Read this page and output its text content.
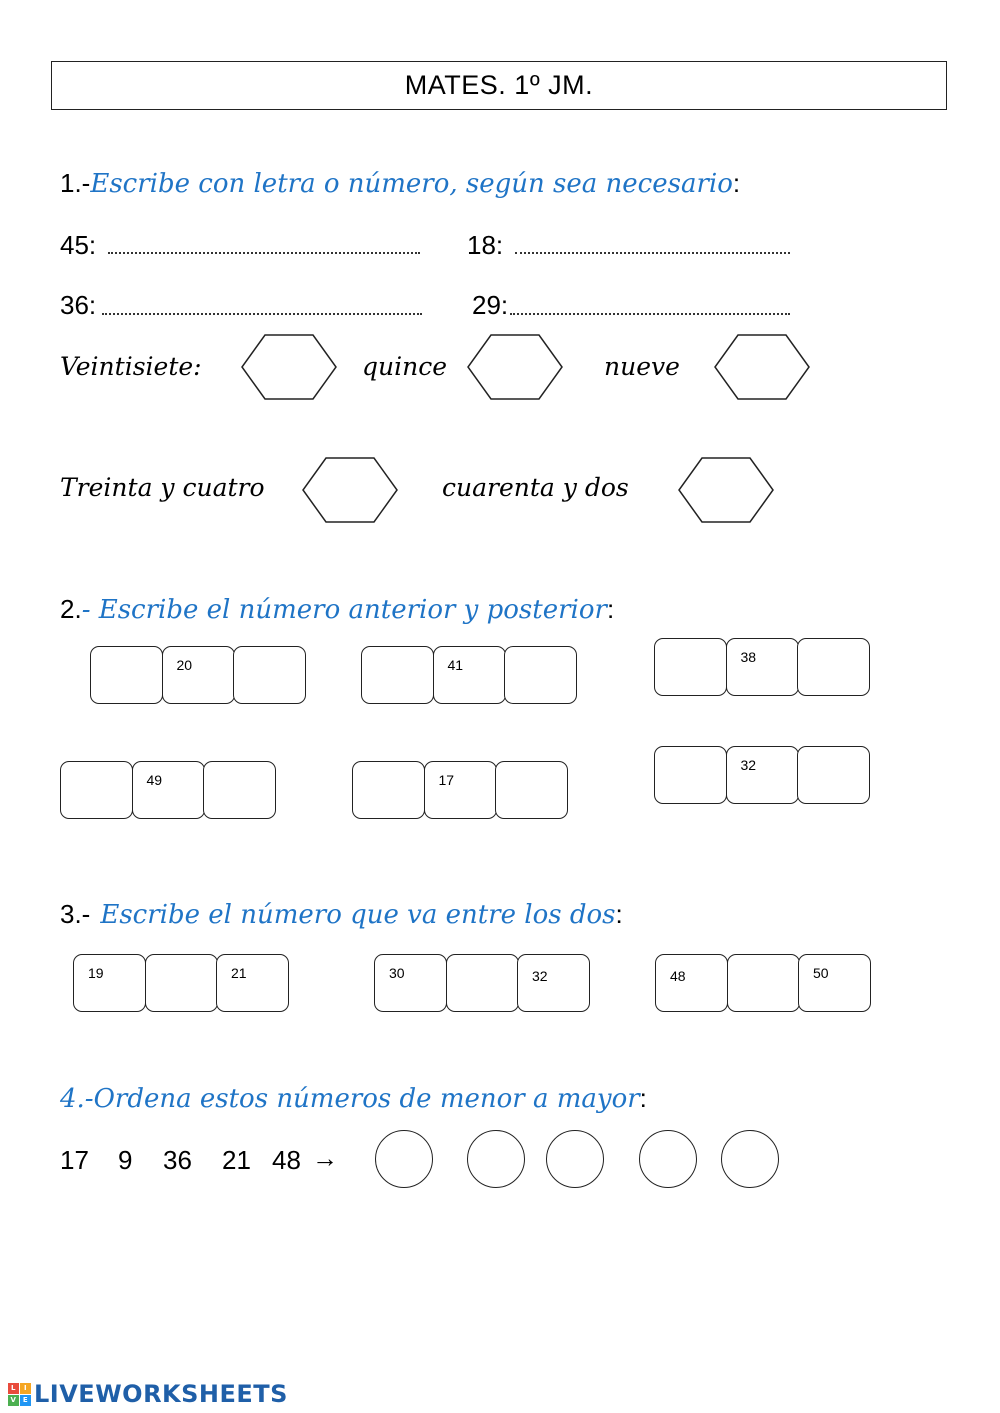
MATES. 1º JM.
1.-Escribe con letra o número, según sea necesario:
45:	18:
36:	29:
Veintisiete:	quince	nueve
Treinta y cuatro	cuarenta y dos
2.- Escribe el número anterior y posterior:
20	41	38
49	17
32
3.- Escribe el número que va entre los dos:
19	21	30	32	48	50
4.-Ordena estos números de menor a mayor:
17 9 36 21 48 →
L	I
V E LIVEWORKSHEETS
